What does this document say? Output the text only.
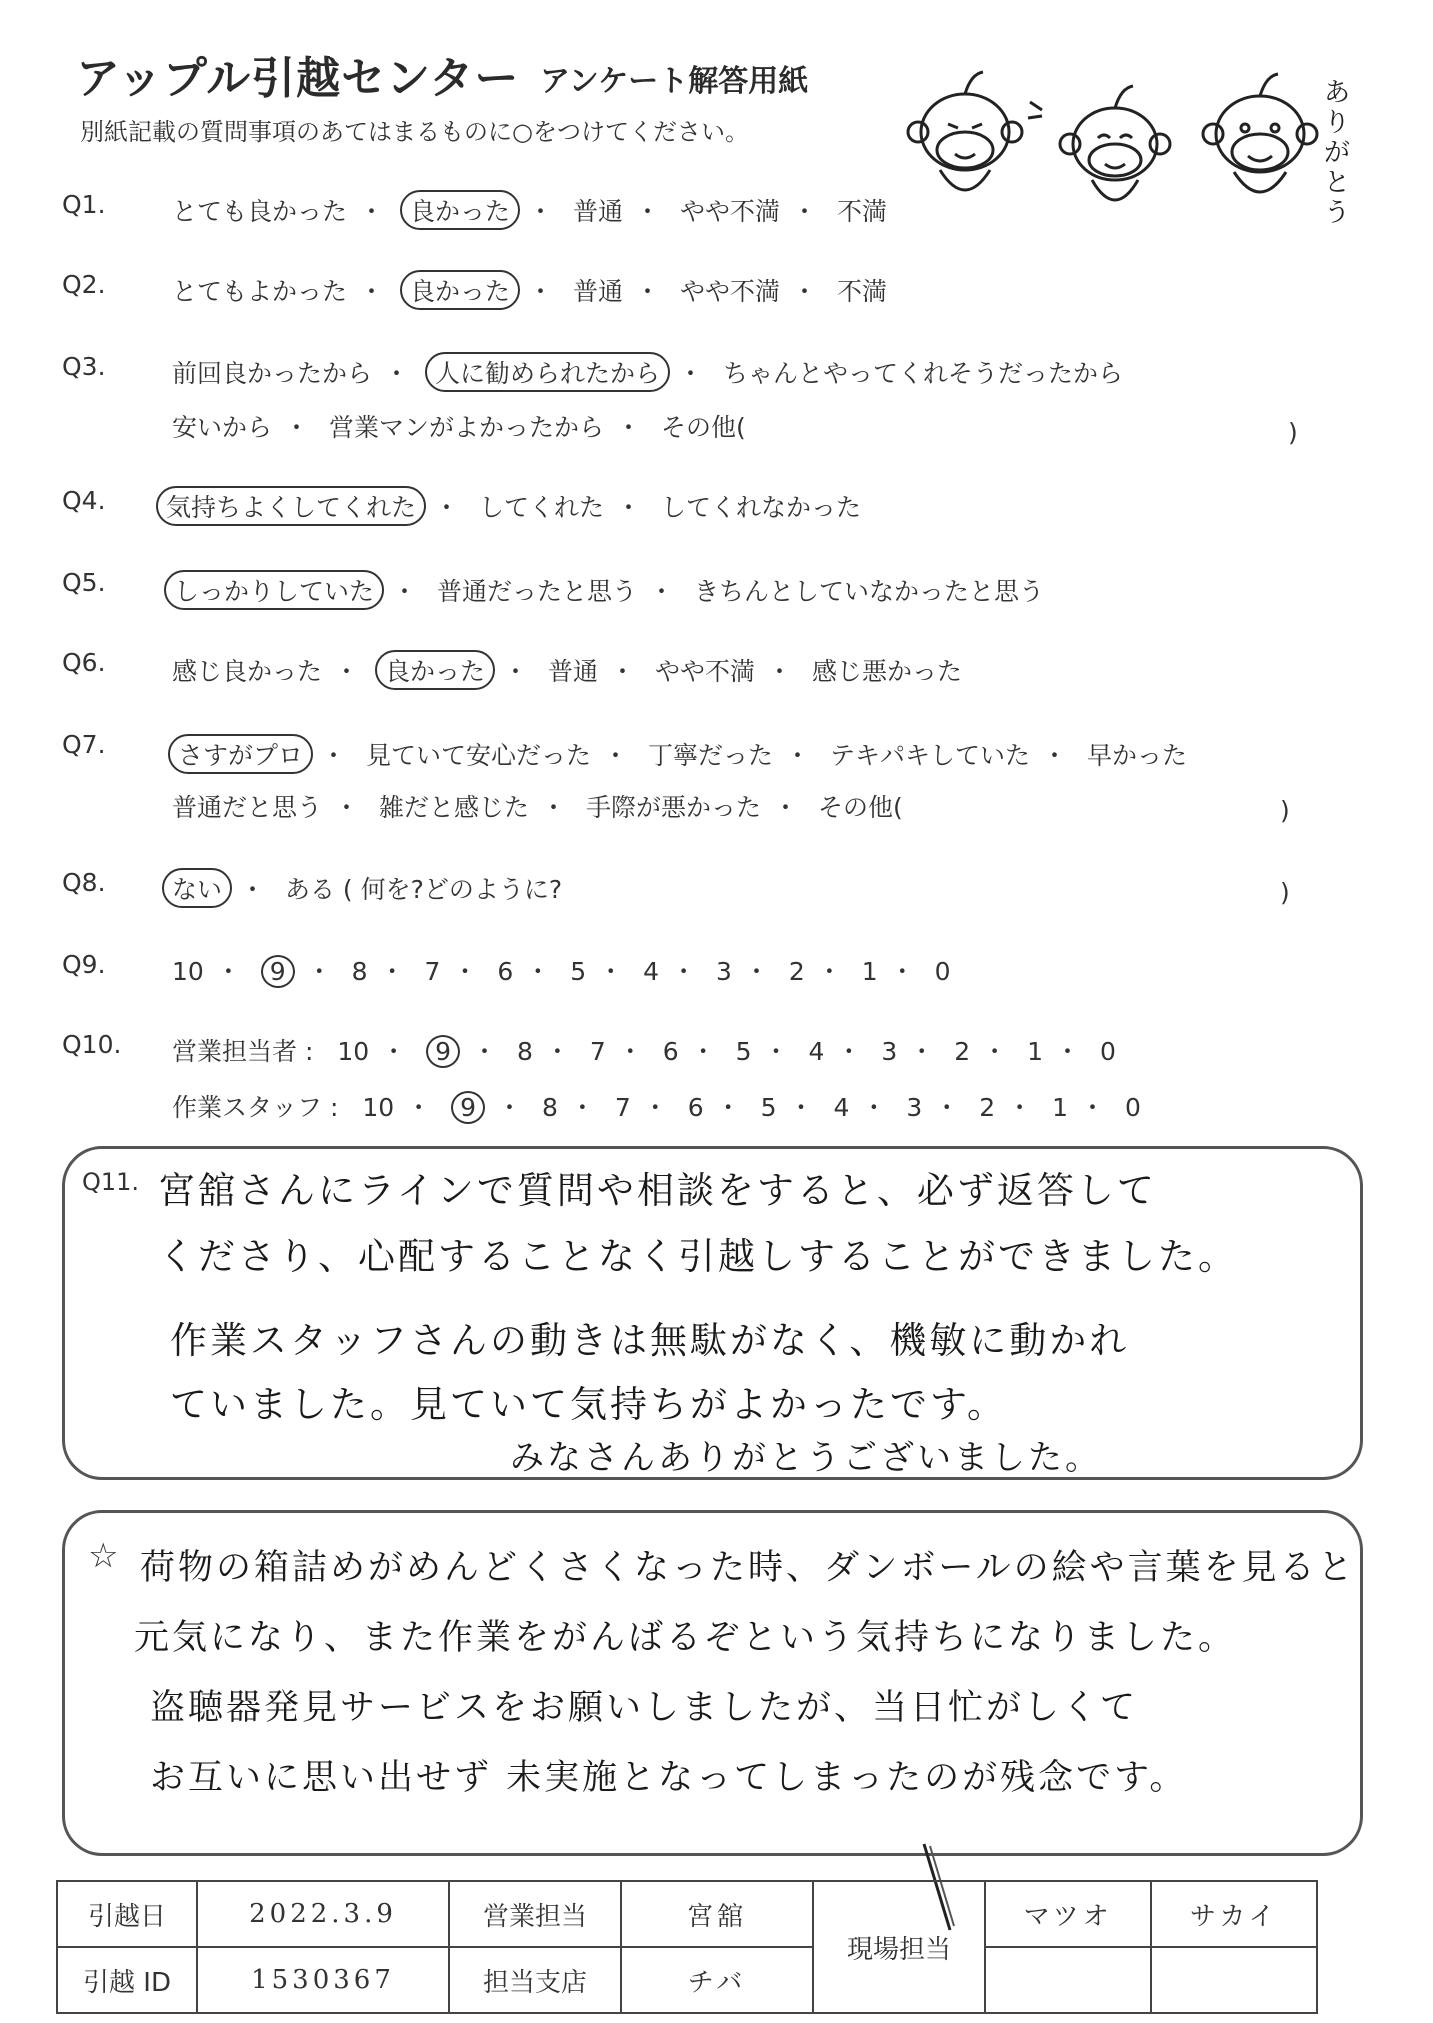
アップル引越センター アンケート解答用紙
別紙記載の質問事項のあてはまるものに○をつけてください。
ありがとう
Q1.	とても良かった ・ 良かった ・ 普通 ・ やや不満 ・ 不満
Q2.	とてもよかった ・ 良かった ・ 普通 ・ やや不満 ・ 不満
Q3.	前回良かったから ・ 人に勧められたから ・ ちゃんとやってくれそうだったから
安いから ・ 営業マンがよかったから ・ その他(	)
Q4. 気持ちよくしてくれた ・ してくれた ・ してくれなかった
Q5.	しっかりしていた ・ 普通だったと思う ・ きちんとしていなかったと思う
Q6.	感じ良かった ・ 良かった ・ 普通 ・ やや不満 ・ 感じ悪かった
Q7.	さすがプロ ・ 見ていて安心だった ・ 丁寧だった ・ テキパキしていた ・ 早かった
普通だと思う ・ 雑だと感じた ・ 手際が悪かった ・ その他(	)
Q8.	ない ・ ある ( 何を?どのように?	)
Q9.	10 ・ 9 ・ 8 ・ 7 ・ 6 ・ 5 ・ 4 ・ 3 ・ 2 ・ 1 ・ 0
Q10. 営業担当者 : 10 ・ 9 ・ 8 ・ 7 ・ 6 ・ 5 ・ 4 ・ 3 ・ 2 ・ 1 ・ 0
作業スタッフ : 10 ・ 9 ・ 8 ・ 7 ・ 6 ・ 5 ・ 4 ・ 3 ・ 2 ・ 1 ・ 0
Q11. 宮舘さんにラインで質問や相談をすると、必ず返答して
くださり、心配することなく引越しすることができました。
作業スタッフさんの動きは無駄がなく、機敏に動かれ
ていました。見ていて気持ちがよかったです。
みなさんありがとうございました。
☆ 荷物の箱詰めがめんどくさくなった時、ダンボールの絵や言葉を見ると
元気になり、また作業をがんばるぞという気持ちになりました。
盗聴器発見サービスをお願いしましたが、当日忙がしくて
お互いに思い出せず 未実施となってしまったのが残念です。
引越日	2022.3.9	営業担当	宮舘	現場担当	マツオ	サカイ
引越 ID	1530367	担当支店	チバ			
